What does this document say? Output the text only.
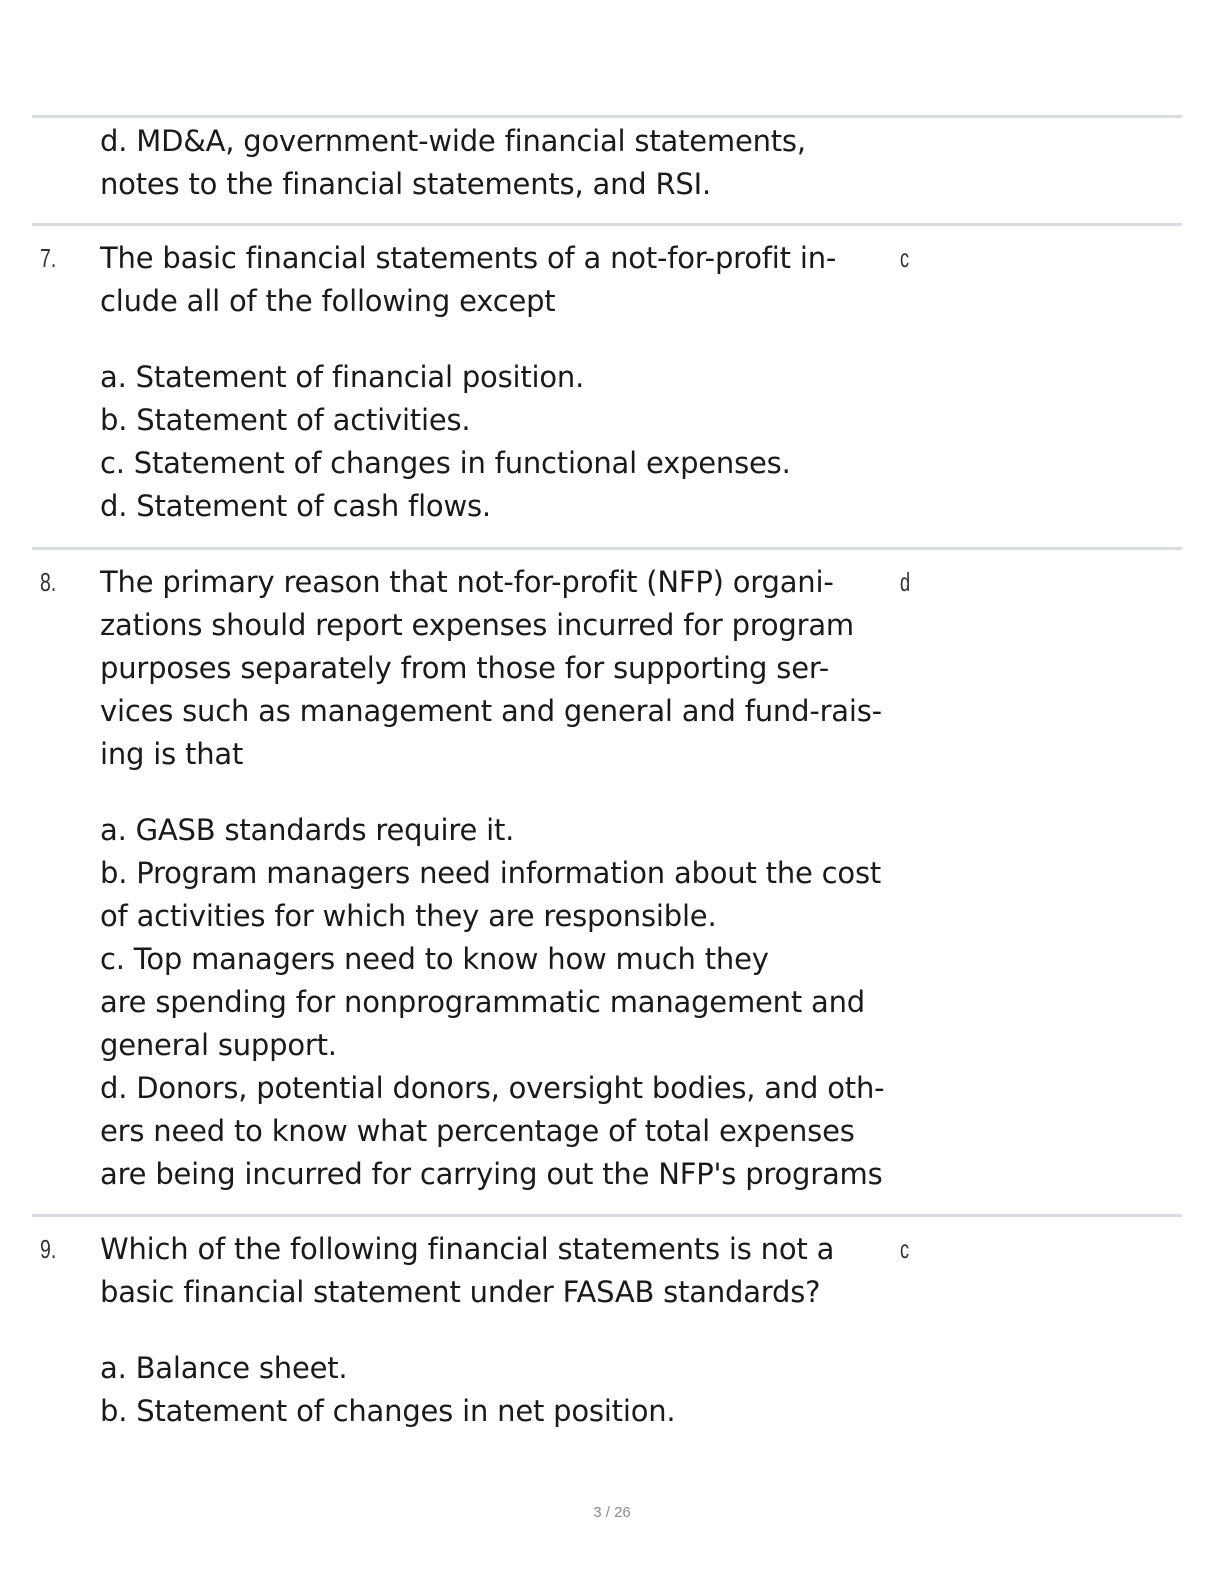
d. MD&A, government-wide financial statements,
notes to the financial statements, and RSI.
7.	c
The basic financial statements of a not-for-profit in-
clude all of the following except
a. Statement of financial position.
b. Statement of activities.
c. Statement of changes in functional expenses.
d. Statement of cash flows.
8.	d
The primary reason that not-for-profit (NFP) organi-
zations should report expenses incurred for program
purposes separately from those for supporting ser-
vices such as management and general and fund-rais-
ing is that
a. GASB standards require it.
b. Program managers need information about the cost
of activities for which they are responsible.
c. Top managers need to know how much they
are spending for nonprogrammatic management and
general support.
d. Donors, potential donors, oversight bodies, and oth-
ers need to know what percentage of total expenses
are being incurred for carrying out the NFP's programs
9.	c
Which of the following financial statements is not a
basic financial statement under FASAB standards?
a. Balance sheet.
b. Statement of changes in net position.
3 / 26
